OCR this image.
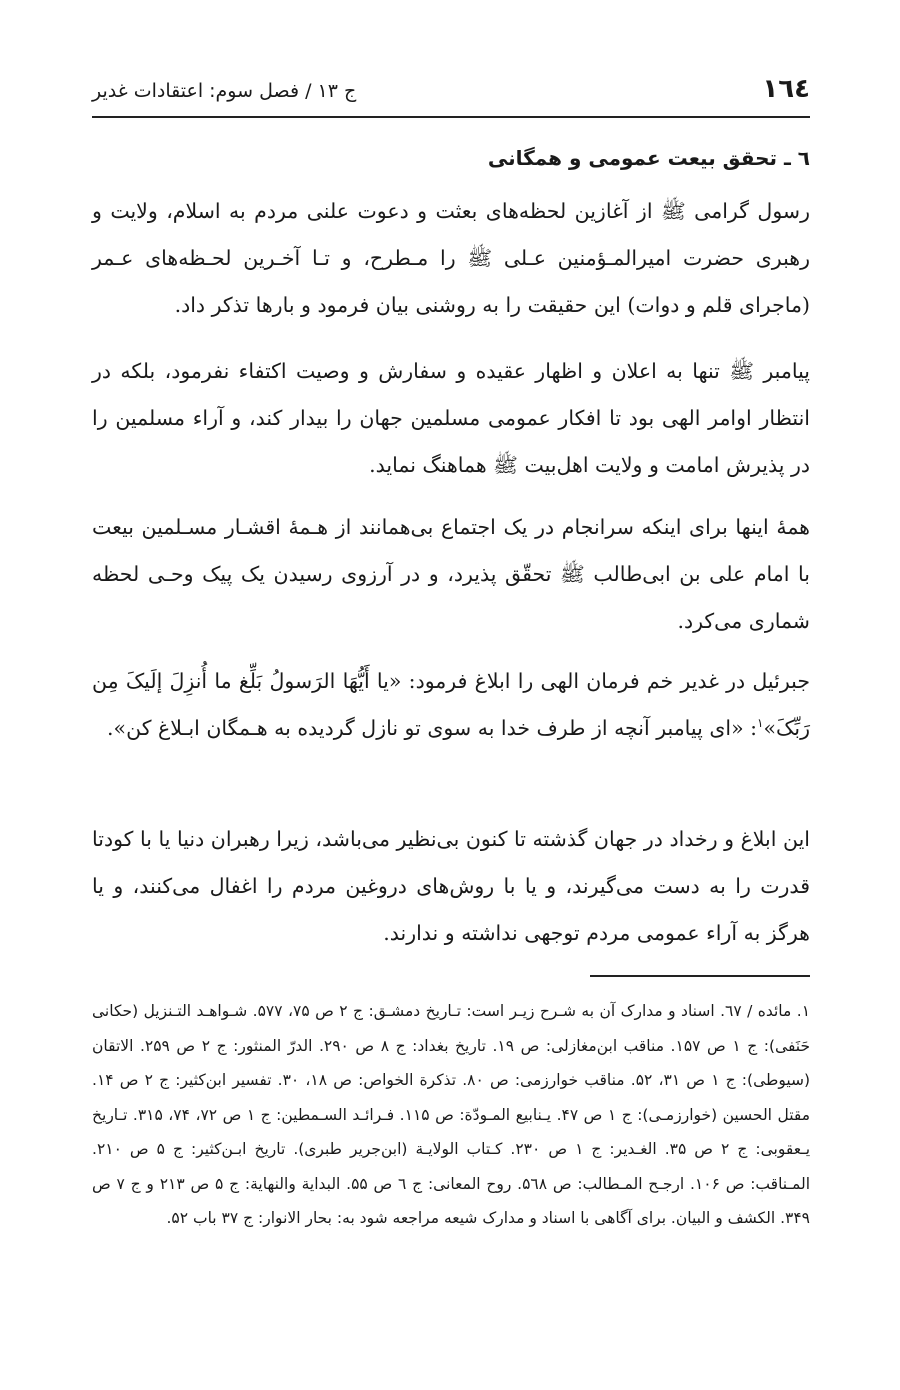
۱٦٤
ج ۱۳ / فصل سوم: اعتقادات غدیر
٦ ـ تحقق بیعت عمومی و همگانی

رسول گرامی ﷺ از آغازین لحظه‌های بعثت و دعوت علنی مردم به اسلام، ولایت و رهبری حضرت امیرالمـؤمنین عـلی ﷺ را مـطرح، و تـا آخـرین لحـظه‌های عـمر (ماجرای قلم و دوات) این حقیقت را به روشنی بیان فرمود و بارها تذکر داد.

پیامبر ﷺ تنها به اعلان و اظهار عقیده و سفارش و وصیت اکتفاء نفرمود، بلکه در انتظار اوامر الهی بود تا افکار عمومی مسلمین جهان را بیدار کند، و آراء مسلمین را در پذیرش امامت و ولایت اهل‌بیت ﷺ هماهنگ نماید.

همهٔ اینها برای اینکه سرانجام در یک اجتماع بی‌همانند از هـمهٔ اقشـار مسـلمین بیعت با امام علی بن ابی‌طالب ﷺ تحقّق پذیرد، و در آرزوی رسیدن یک پیک وحـی لحظه شماری می‌کرد.

جبرئیل در غدیر خم فرمان الهی را ابلاغ فرمود: «یا أَیُّهَا الرَسولُ بَلِّغ ما أُنزِلَ إلَیکَ مِن رَبِّکَ»$^۱$: «ای پیامبر آنچه از طرف خدا به سوی تو نازل گردیده به هـمگان ابـلاغ کن».

این ابلاغ و رخداد در جهان گذشته تا کنون بی‌نظیر می‌باشد، زیرا رهبران دنیا یا با کودتا قدرت را به دست می‌گیرند، و یا با روش‌های دروغین مردم را اغفال می‌کنند، و یا هرگز به آراء عمومی مردم توجهی نداشته و ندارند.

۱. مائده / ٦۷. اسناد و مدارک آن به شـرح زیـر است: تـاریخ دمشـق: ج ۲ ص ۷۵، ۵۷۷. شـواهـد التـنزیل (حکانی حَنَفی): ج ۱ ص ۱۵۷. مناقب ابن‌مغازلی: ص ۱۹. تاریخ بغداد: ج ۸ ص ۲۹۰. الدرّ المنثور: ج ۲ ص ۲۵۹. الاتقان (سیوطی): ج ۱ ص ۳۱، ۵۲. مناقب خوارزمی: ص ۸۰. تذکرة الخواص: ص ۱۸، ۳۰. تفسیر ابن‌کثیر: ج ۲ ص ۱۴. مقتل الحسین (خوارزمـی): ج ۱ ص ۴۷. یـنابیع المـودّة: ص ۱۱۵. فـرائـد السـمطین: ج ۱ ص ۷۲، ۷۴، ۳۱۵. تـاریخ یـعقوبی: ج ۲ ص ۳۵. الغـدیر: ج ۱ ص ۲۳۰. کـتاب الولایـة (ابن‌جریر طبری). تاریخ ابـن‌کثیر: ج ۵ ص ۲۱۰. المـناقب: ص ۱۰۶. ارجـح المـطالب: ص ۵٦۸. روح المعانی: ج ٦ ص ۵۵. البدایة والنهایة: ج ۵ ص ۲۱۳ و ج ۷ ص ۳۴۹. الکشف و البیان. برای آگاهی با اسناد و مدارک شیعه مراجعه شود به: بحار الانوار: ج ۳۷ باب ۵۲.
